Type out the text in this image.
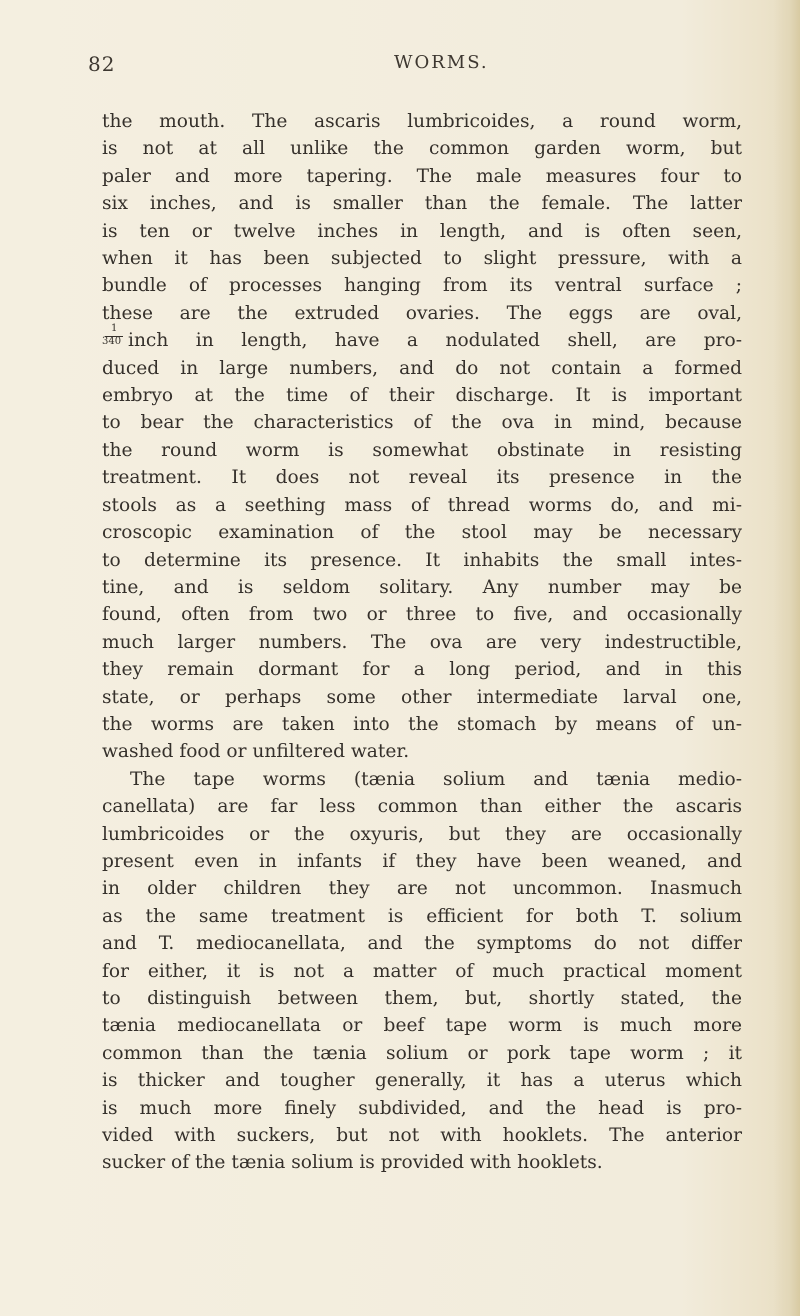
82	WORMS.
the mouth. The ascaris lumbricoides, a round worm,
is not at all unlike the common garden worm, but
paler and more tapering. The male measures four to
six inches, and is smaller than the female. The latter
is ten or twelve inches in length, and is often seen,
when it has been subjected to slight pressure, with a
bundle of processes hanging from its ventral surface ;
these are the extruded ovaries. The eggs are oval,
$\frac{1}{340}$ inch in length, have a nodulated shell, are pro-
duced in large numbers, and do not contain a formed
embryo at the time of their discharge. It is important
to bear the characteristics of the ova in mind, because
the round worm is somewhat obstinate in resisting
treatment. It does not reveal its presence in the
stools as a seething mass of thread worms do, and mi-
croscopic examination of the stool may be necessary
to determine its presence. It inhabits the small intes-
tine, and is seldom solitary. Any number may be
found, often from two or three to five, and occasionally
much larger numbers. The ova are very indestructible,
they remain dormant for a long period, and in this
state, or perhaps some other intermediate larval one,
the worms are taken into the stomach by means of un-
washed food or unfiltered water.
The tape worms (tænia solium and tænia medio-
canellata) are far less common than either the ascaris
lumbricoides or the oxyuris, but they are occasionally
present even in infants if they have been weaned, and
in older children they are not uncommon. Inasmuch
as the same treatment is efficient for both T. solium
and T. mediocanellata, and the symptoms do not differ
for either, it is not a matter of much practical moment
to distinguish between them, but, shortly stated, the
tænia mediocanellata or beef tape worm is much more
common than the tænia solium or pork tape worm ; it
is thicker and tougher generally, it has a uterus which
is much more finely subdivided, and the head is pro-
vided with suckers, but not with hooklets. The anterior
sucker of the tænia solium is provided with hooklets.
